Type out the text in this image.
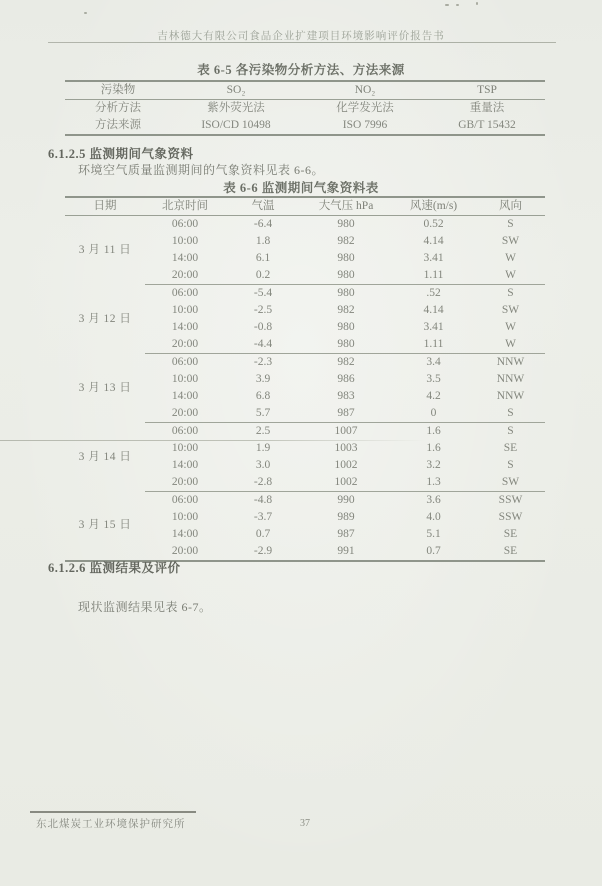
吉林德大有限公司食品企业扩建项目环境影响评价报告书
表 6-5 各污染物分析方法、方法来源
污染物	SO₂	NO₂	TSP
分析方法	紫外荧光法	化学发光法	重量法
方法来源	ISO/CD 10498	ISO 7996	GB/T 15432
6.1.2.5 监测期间气象资料
环境空气质量监测期间的气象资料见表 6-6。
表 6-6 监测期间气象资料表
日期	北京时间	气温	大气压 hPa	风速(m/s)	风向
3 月 11 日	06:00	-6.4	980	0.52	S
	10:00	1.8	982	4.14	SW
	14:00	6.1	980	3.41	W
	20:00	0.2	980	1.11	W
3 月 12 日	06:00	-5.4	980	.52	S
	10:00	-2.5	982	4.14	SW
	14:00	-0.8	980	3.41	W
	20:00	-4.4	980	1.11	W
3 月 13 日	06:00	-2.3	982	3.4	NNW
	10:00	3.9	986	3.5	NNW
	14:00	6.8	983	4.2	NNW
	20:00	5.7	987	0	S
3 月 14 日	06:00	2.5	1007	1.6	S
	10:00	1.9	1003	1.6	SE
	14:00	3.0	1002	3.2	S
	20:00	-2.8	1002	1.3	SW
3 月 15 日	06:00	-4.8	990	3.6	SSW
	10:00	-3.7	989	4.0	SSW
	14:00	0.7	987	5.1	SE
	20:00	-2.9	991	0.7	SE
6.1.2.6 监测结果及评价
现状监测结果见表 6-7。
东北煤炭工业环境保护研究所	37
